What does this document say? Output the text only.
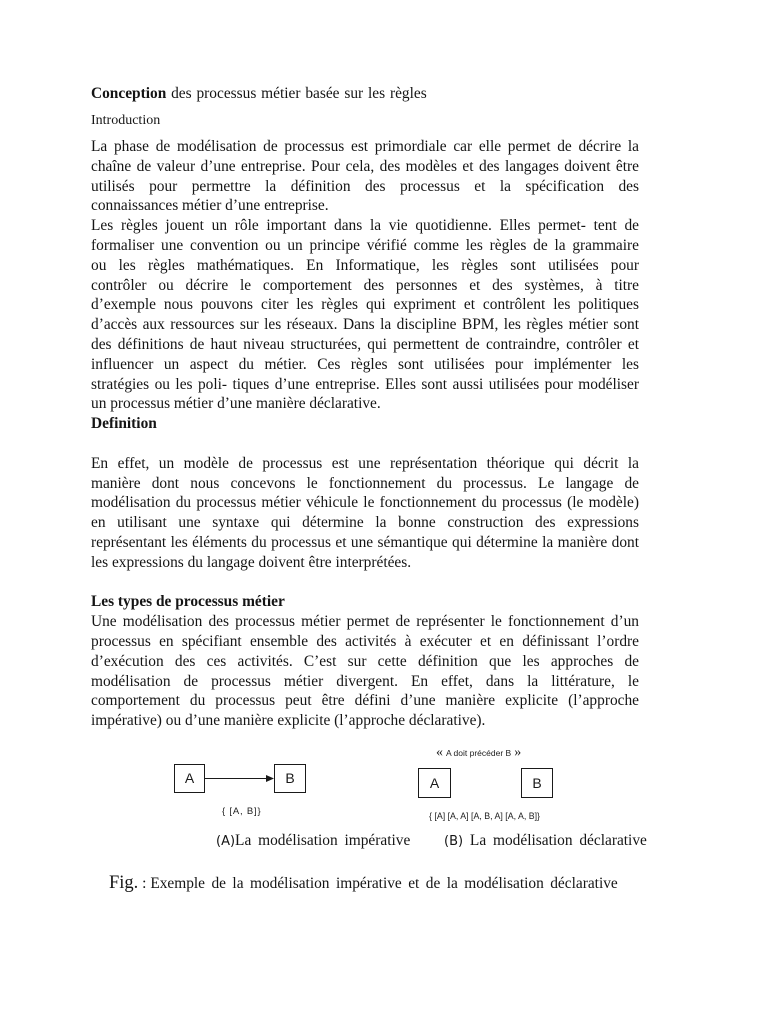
Conception des processus métier basée sur les règles
Introduction
La phase de modélisation de processus est primordiale car elle permet de décrire la
chaîne de valeur d’une entreprise. Pour cela, des modèles et des langages doivent être
utilisés pour permettre la définition des processus et la spécification des
connaissances métier d’une entreprise.
Les règles jouent un rôle important dans la vie quotidienne. Elles permet- tent de
formaliser une convention ou un principe vérifié comme les règles de la grammaire
ou les règles mathématiques. En Informatique, les règles sont utilisées pour
contrôler ou décrire le comportement des personnes et des systèmes, à titre
d’exemple nous pouvons citer les règles qui expriment et contrôlent les politiques
d’accès aux ressources sur les réseaux. Dans la discipline BPM, les règles métier sont
des définitions de haut niveau structurées, qui permettent de contraindre, contrôler et
influencer un aspect du métier. Ces règles sont utilisées pour implémenter les
stratégies ou les poli- tiques d’une entreprise. Elles sont aussi utilisées pour modéliser
un processus métier d’une manière déclarative.
Definition
En effet, un modèle de processus est une représentation théorique qui décrit la
manière dont nous concevons le fonctionnement du processus. Le langage de
modélisation du processus métier véhicule le fonctionnement du processus (le modèle)
en utilisant une syntaxe qui détermine la bonne construction des expressions
représentant les éléments du processus et une sémantique qui détermine la manière dont
les expressions du langage doivent être interprétées.
Les types de processus métier
Une modélisation des processus métier permet de représenter le fonctionnement d’un
processus en spécifiant ensemble des activités à exécuter et en définissant l’ordre
d’exécution des ces activités. C’est sur cette définition que les approches de
modélisation de processus métier divergent. En effet, dans la littérature, le
comportement du processus peut être défini d’une manière explicite (l’approche
impérative) ou d’une manière explicite (l’approche déclarative).
A	B
{ [A, B]}
« A doit précéder B »
A	B
{ [A] [A, A] [A, B, A] [A, A, B]}
(A)La modélisation impérative	(B) La modélisation déclarative
Fig. : Exemple de la modélisation impérative et de la modélisation déclarative
